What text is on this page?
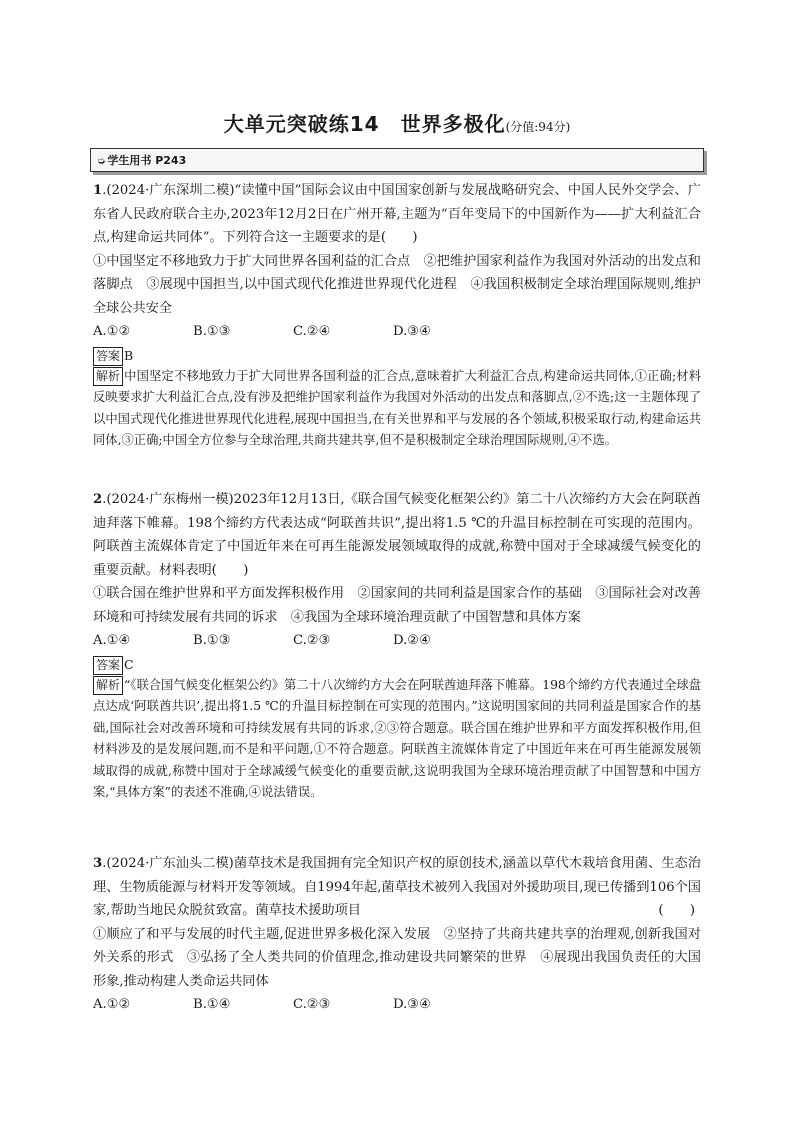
大单元突破练14　世界多极化(分值:94分)
➭ 学生用书 P243

1.(2024·广东深圳二模)“读懂中国”国际会议由中国国家创新与发展战略研究会、中国人民外交学会、广东省人民政府联合主办,2023年12月2日在广州开幕,主题为“百年变局下的中国新作为——扩大利益汇合点,构建命运共同体”。下列符合这一主题要求的是(　　)

①中国坚定不移地致力于扩大同世界各国利益的汇合点　②把维护国家利益作为我国对外活动的出发点和落脚点　③展现中国担当,以中国式现代化推进世界现代化进程　④我国积极制定全球治理国际规则,维护全球公共安全

A.①②	B.①③	C.②④	D.③④
答案 B

解析 中国坚定不移地致力于扩大同世界各国利益的汇合点,意味着扩大利益汇合点,构建命运共同体,①正确;材料反映要求扩大利益汇合点,没有涉及把维护国家利益作为我国对外活动的出发点和落脚点,②不选;这一主题体现了以中国式现代化推进世界现代化进程,展现中国担当,在有关世界和平与发展的各个领域,积极采取行动,构建命运共同体,③正确;中国全方位参与全球治理,共商共建共享,但不是积极制定全球治理国际规则,④不选。

2.(2024·广东梅州一模)2023年12月13日,《联合国气候变化框架公约》第二十八次缔约方大会在阿联酋迪拜落下帷幕。198个缔约方代表达成“阿联酋共识”,提出将1.5 ℃的升温目标控制在可实现的范围内。阿联酋主流媒体肯定了中国近年来在可再生能源发展领域取得的成就,称赞中国对于全球减缓气候变化的重要贡献。材料表明(　　)

①联合国在维护世界和平方面发挥积极作用　②国家间的共同利益是国家合作的基础　③国际社会对改善环境和可持续发展有共同的诉求　④我国为全球环境治理贡献了中国智慧和具体方案

A.①④	B.①③	C.②③	D.②④
答案 C

解析 “《联合国气候变化框架公约》第二十八次缔约方大会在阿联酋迪拜落下帷幕。198个缔约方代表通过全球盘点达成‘阿联酋共识’,提出将1.5 ℃的升温目标控制在可实现的范围内。”这说明国家间的共同利益是国家合作的基础,国际社会对改善环境和可持续发展有共同的诉求,②③符合题意。联合国在维护世界和平方面发挥积极作用,但材料涉及的是发展问题,而不是和平问题,①不符合题意。阿联酋主流媒体肯定了中国近年来在可再生能源发展领域取得的成就,称赞中国对于全球减缓气候变化的重要贡献,这说明我国为全球环境治理贡献了中国智慧和中国方案,“具体方案”的表述不准确,④说法错误。

3.(2024·广东汕头二模)菌草技术是我国拥有完全知识产权的原创技术,涵盖以草代木栽培食用菌、生态治理、生物质能源与材料开发等领域。自1994年起,菌草技术被列入我国对外援助项目,现已传播到106个国家,帮助当地民众脱贫致富。菌草技术援助项目	(　　)

①顺应了和平与发展的时代主题,促进世界多极化深入发展　②坚持了共商共建共享的治理观,创新我国对外关系的形式　③弘扬了全人类共同的价值理念,推动建设共同繁荣的世界　④展现出我国负责任的大国形象,推动构建人类命运共同体

A.①②	B.①④	C.②③	D.③④
